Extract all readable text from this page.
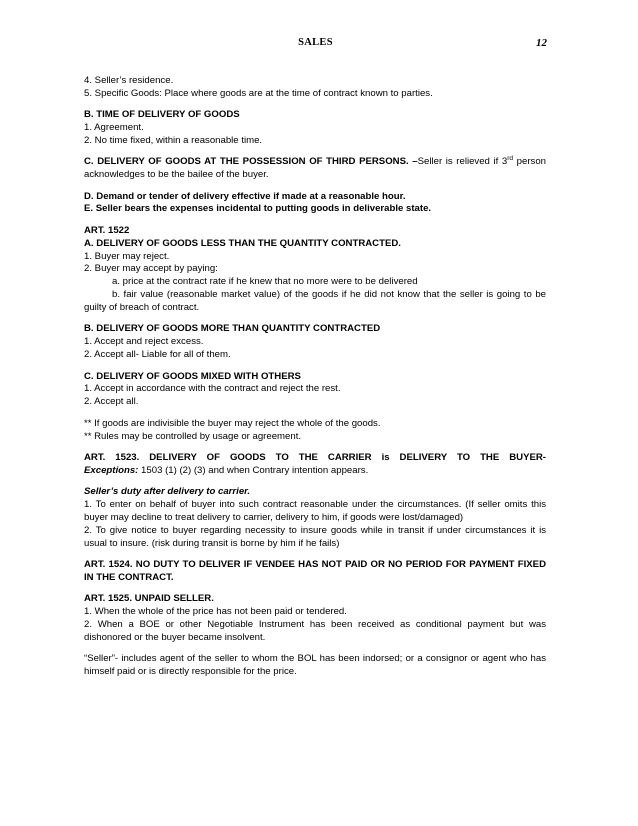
SALES	12
4. Seller’s residence.
5. Specific Goods: Place where goods are at the time of contract known to parties.
B. TIME OF DELIVERY OF GOODS
1. Agreement.
2. No time fixed, within a reasonable time.
C. DELIVERY OF GOODS AT THE POSSESSION OF THIRD PERSONS. –Seller is relieved if 3rd person acknowledges to be the bailee of the buyer.
D. Demand or tender of delivery effective if made at a reasonable hour.
E. Seller bears the expenses incidental to putting goods in deliverable state.
ART. 1522
A. DELIVERY OF GOODS LESS THAN THE QUANTITY CONTRACTED.
1. Buyer may reject.
2. Buyer may accept by paying:
a. price at the contract rate if he knew that no more were to be delivered
b. fair value (reasonable market value) of the goods if he did not know that the seller is going to be guilty of breach of contract.
B. DELIVERY OF GOODS MORE THAN QUANTITY CONTRACTED
1. Accept and reject excess.
2. Accept all- Liable for all of them.
C. DELIVERY OF GOODS MIXED WITH OTHERS
1. Accept in accordance with the contract and reject the rest.
2. Accept all.
** If goods are indivisible the buyer may reject the whole of the goods.
** Rules may be controlled by usage or agreement.
ART. 1523. DELIVERY OF GOODS TO THE CARRIER is DELIVERY TO THE BUYER-
Exceptions: 1503 (1) (2) (3) and when Contrary intention appears.
Seller’s duty after delivery to carrier.
1. To enter on behalf of buyer into such contract reasonable under the circumstances. (If seller omits this buyer may decline to treat delivery to carrier, delivery to him, if goods were lost/damaged)
2. To give notice to buyer regarding necessity to insure goods while in transit if under circumstances it is usual to insure. (risk during transit is borne by him if he fails)
ART. 1524. NO DUTY TO DELIVER IF VENDEE HAS NOT PAID OR NO PERIOD FOR PAYMENT FIXED IN THE CONTRACT.
ART. 1525. UNPAID SELLER.
1. When the whole of the price has not been paid or tendered.
2. When a BOE or other Negotiable Instrument has been received as conditional payment but was dishonored or the buyer became insolvent.
“Seller”- includes agent of the seller to whom the BOL has been indorsed; or a consignor or agent who has himself paid or is directly responsible for the price.
